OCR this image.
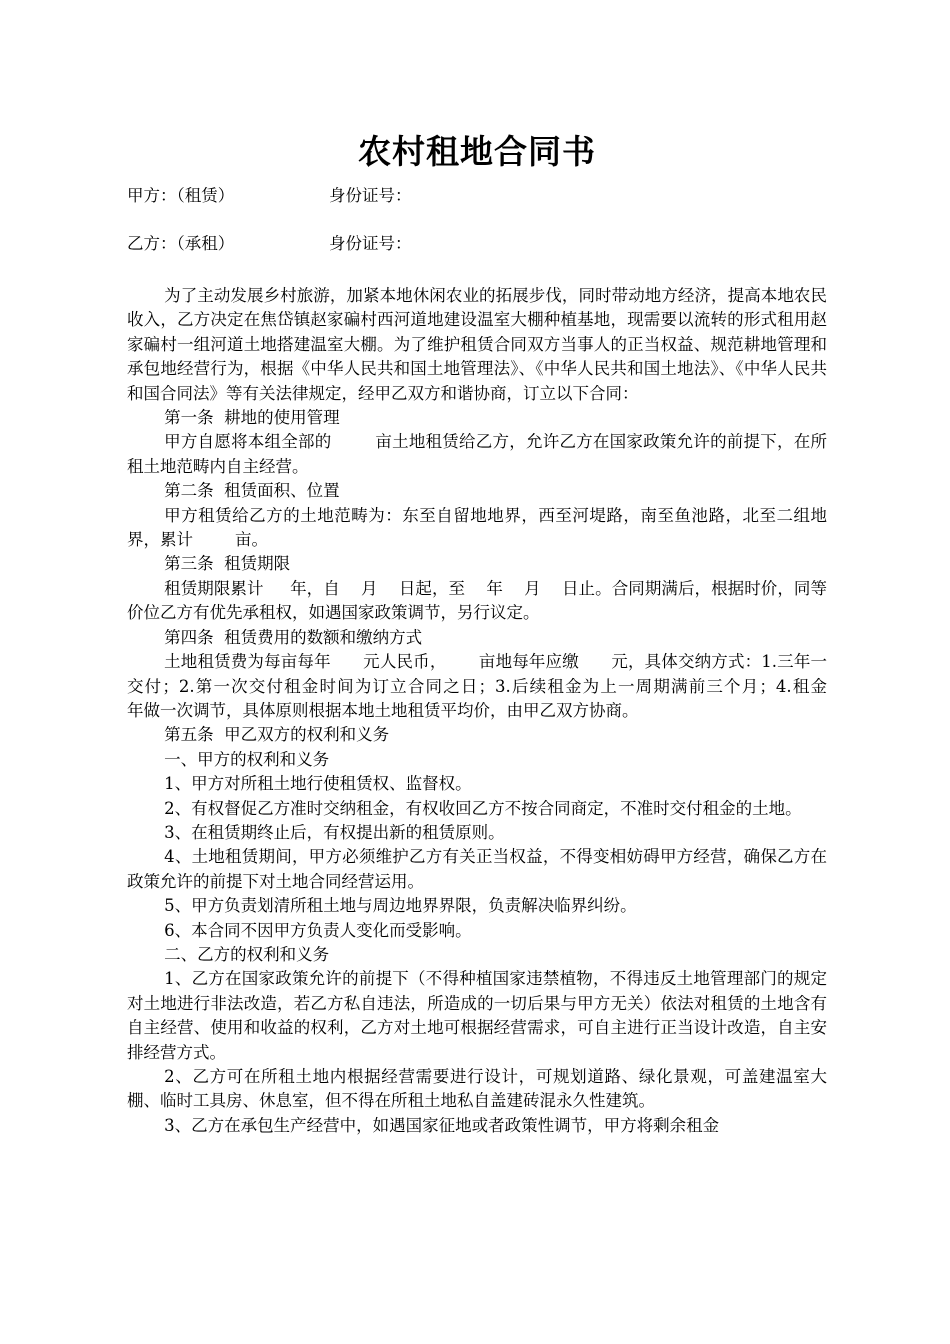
农村租地合同书
甲方：（租赁）	身份证号：
乙方：（承租）	身份证号：

为了主动发展乡村旅游，加紧本地休闲农业的拓展步伐，同时带动地方经济，提高本地农民收入，乙方决定在焦岱镇赵家碥村西河道地建设温室大棚种植基地，现需要以流转的形式租用赵家碥村一组河道土地搭建温室大棚。为了维护租赁合同双方当事人的正当权益、规范耕地管理和承包地经营行为，根据《中华人民共和国土地管理法》、《中华人民共和国土地法》、《中华人民共和国合同法》等有关法律规定，经甲乙双方和谐协商，订立以下合同：

第一条  耕地的使用管理

甲方自愿将本组全部的        亩土地租赁给乙方，允许乙方在国家政策允许的前提下，在所租土地范畴内自主经营。

第二条  租赁面积、位置

甲方租赁给乙方的土地范畴为：东至自留地地界，西至河堤路，南至鱼池路，北至二组地界，累计        亩。

第三条  租赁期限

租赁期限累计     年，自    月    日起，至    年    月    日止。合同期满后，根据时价，同等价位乙方有优先承租权，如遇国家政策调节，另行议定。

第四条  租赁费用的数额和缴纳方式

土地租赁费为每亩每年      元人民币，      亩地每年应缴      元，具体交纳方式：1.三年一交付；2.第一次交付租金时间为订立合同之日；3.后续租金为上一周期满前三个月；4.租金      年做一次调节，具体原则根据本地土地租赁平均价，由甲乙双方协商。

第五条  甲乙双方的权利和义务

一、甲方的权利和义务

1、甲方对所租土地行使租赁权、监督权。

2、有权督促乙方准时交纳租金，有权收回乙方不按合同商定，不准时交付租金的土地。

3、在租赁期终止后，有权提出新的租赁原则。

4、土地租赁期间，甲方必须维护乙方有关正当权益，不得变相妨碍甲方经营，确保乙方在政策允许的前提下对土地合同经营运用。

5、甲方负责划清所租土地与周边地界界限，负责解决临界纠纷。

6、本合同不因甲方负责人变化而受影响。

二、乙方的权利和义务

1、乙方在国家政策允许的前提下（不得种植国家违禁植物，不得违反土地管理部门的规定对土地进行非法改造，若乙方私自违法，所造成的一切后果与甲方无关）依法对租赁的土地含有自主经营、使用和收益的权利，乙方对土地可根据经营需求，可自主进行正当设计改造，自主安排经营方式。

2、乙方可在所租土地内根据经营需要进行设计，可规划道路、绿化景观，可盖建温室大棚、临时工具房、休息室，但不得在所租土地私自盖建砖混永久性建筑。

3、乙方在承包生产经营中，如遇国家征地或者政策性调节，甲方将剩余租金
